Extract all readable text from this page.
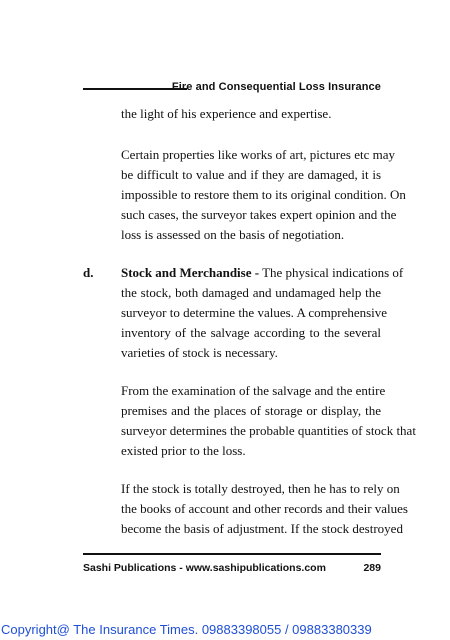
Fire and Consequential Loss Insurance
the light of his experience and expertise.
Certain properties like works of art, pictures etc may
be difficult to value and if they are damaged, it is
impossible to restore them to its original condition. On
such cases, the surveyor takes expert opinion and the
loss is assessed on the basis of negotiation.
d. Stock and Merchandise - The physical indications of
the stock, both damaged and undamaged help the
surveyor to determine the values. A comprehensive
inventory of the salvage according to the several
varieties of stock is necessary.
From the examination of the salvage and the entire
premises and the places of storage or display, the
surveyor determines the probable quantities of stock that
existed prior to the loss.
If the stock is totally destroyed, then he has to rely on
the books of account and other records and their values
become the basis of adjustment. If the stock destroyed
Sashi Publications - www.sashipublications.com	289
Copyright@ The Insurance Times. 09883398055 / 09883380339
